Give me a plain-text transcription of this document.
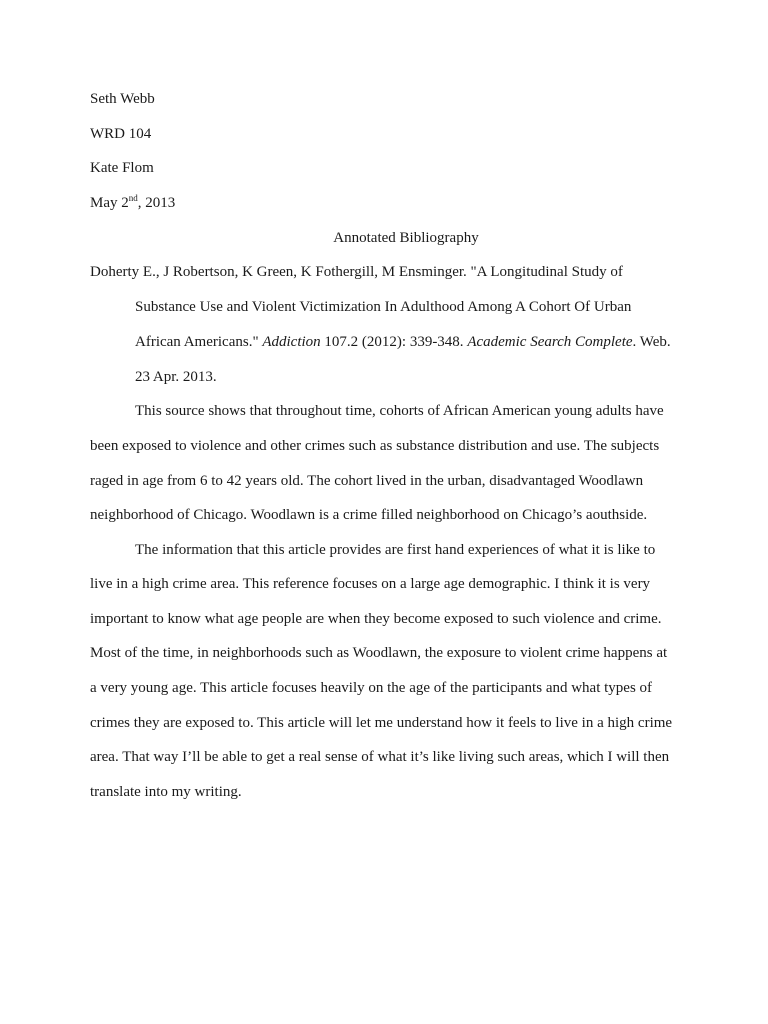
Seth Webb
WRD 104
Kate Flom
May 2nd, 2013
Annotated Bibliography
Doherty E., J Robertson, K Green, K Fothergill, M Ensminger. "A Longitudinal Study of
Substance Use and Violent Victimization In Adulthood Among A Cohort Of Urban
African Americans." Addiction 107.2 (2012): 339-348. Academic Search Complete. Web.
23 Apr. 2013.
This source shows that throughout time, cohorts of African American young adults have
been exposed to violence and other crimes such as substance distribution and use. The subjects
raged in age from 6 to 42 years old. The cohort lived in the urban, disadvantaged Woodlawn
neighborhood of Chicago. Woodlawn is a crime filled neighborhood on Chicago’s aouthside.
The information that this article provides are first hand experiences of what it is like to
live in a high crime area. This reference focuses on a large age demographic. I think it is very
important to know what age people are when they become exposed to such violence and crime.
Most of the time, in neighborhoods such as Woodlawn, the exposure to violent crime happens at
a very young age. This article focuses heavily on the age of the participants and what types of
crimes they are exposed to. This article will let me understand how it feels to live in a high crime
area. That way I’ll be able to get a real sense of what it’s like living such areas, which I will then
translate into my writing.
